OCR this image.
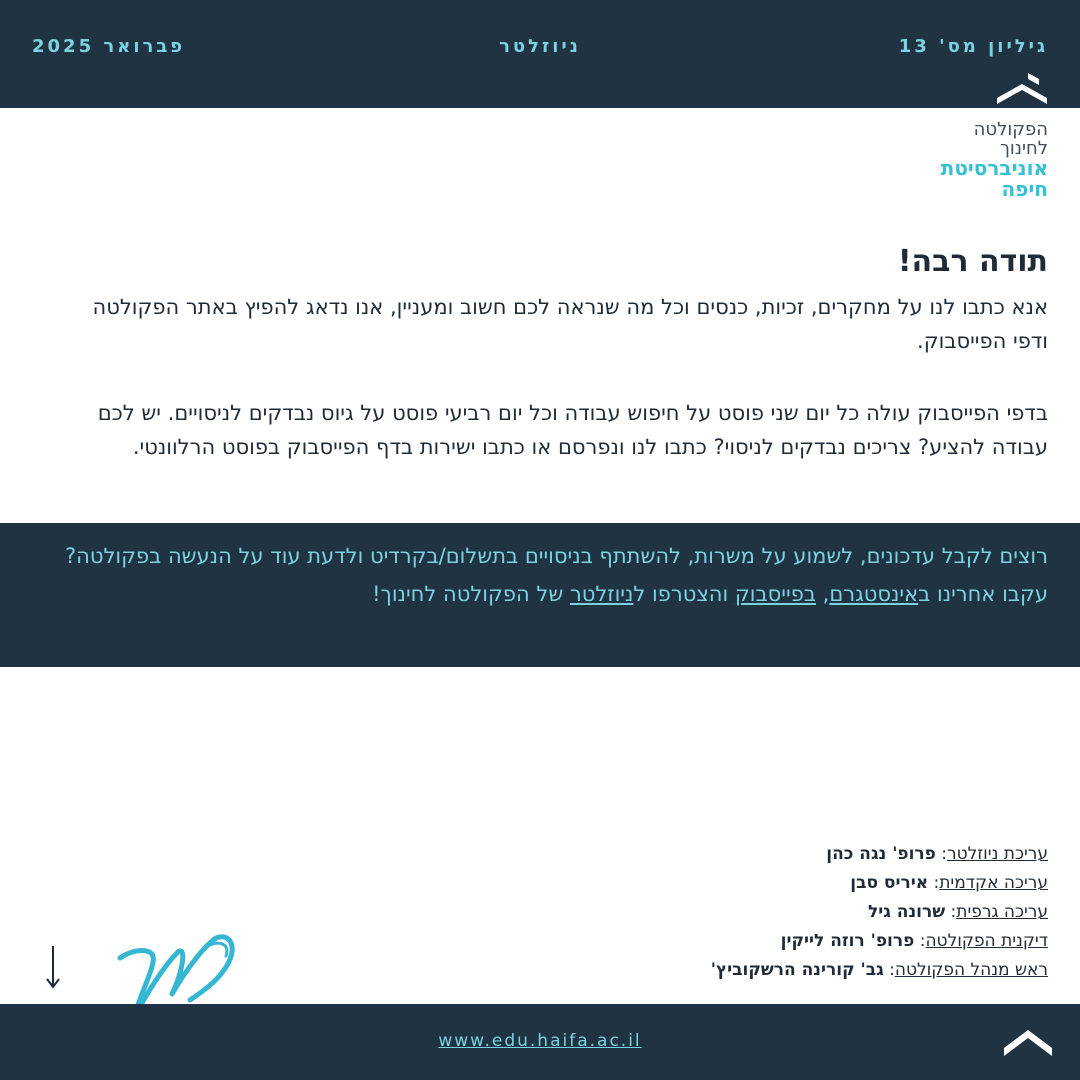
פברואר 2025	ניוזלטר	גיליון מס' 13
הפקולטה
לחינוך
אוניברסיטת
חיפה
תודה רבה!

אנא כתבו לנו על מחקרים, זכיות, כנסים וכל מה שנראה לכם חשוב ומעניין, אנו נדאג להפיץ באתר הפקולטה ודפי הפייסבוק.

בדפי הפייסבוק עולה כל יום שני פוסט על חיפוש עבודה וכל יום רביעי פוסט על גיוס נבדקים לניסויים. יש לכם עבודה להציע? צריכים נבדקים לניסוי? כתבו לנו ונפרסם או כתבו ישירות בדף הפייסבוק בפוסט הרלוונטי.

רוצים לקבל עדכונים, לשמוע על משרות, להשתתף בניסויים בתשלום/בקרדיט ולדעת עוד על הנעשה בפקולטה?
עקבו אחרינו באינסטגרם, בפייסבוק והצטרפו לניוזלטר של הפקולטה לחינוך!
עריכת ניוזלטר: פרופ' נגה כהן
עריכה אקדמית: איריס סבן
עריכה גרפית: שרונה גיל
דיקנית הפקולטה: פרופ' רוזה לייקין
ראש מנהל הפקולטה: גב' קורינה הרשקוביץ'
www.edu.haifa.ac.il
